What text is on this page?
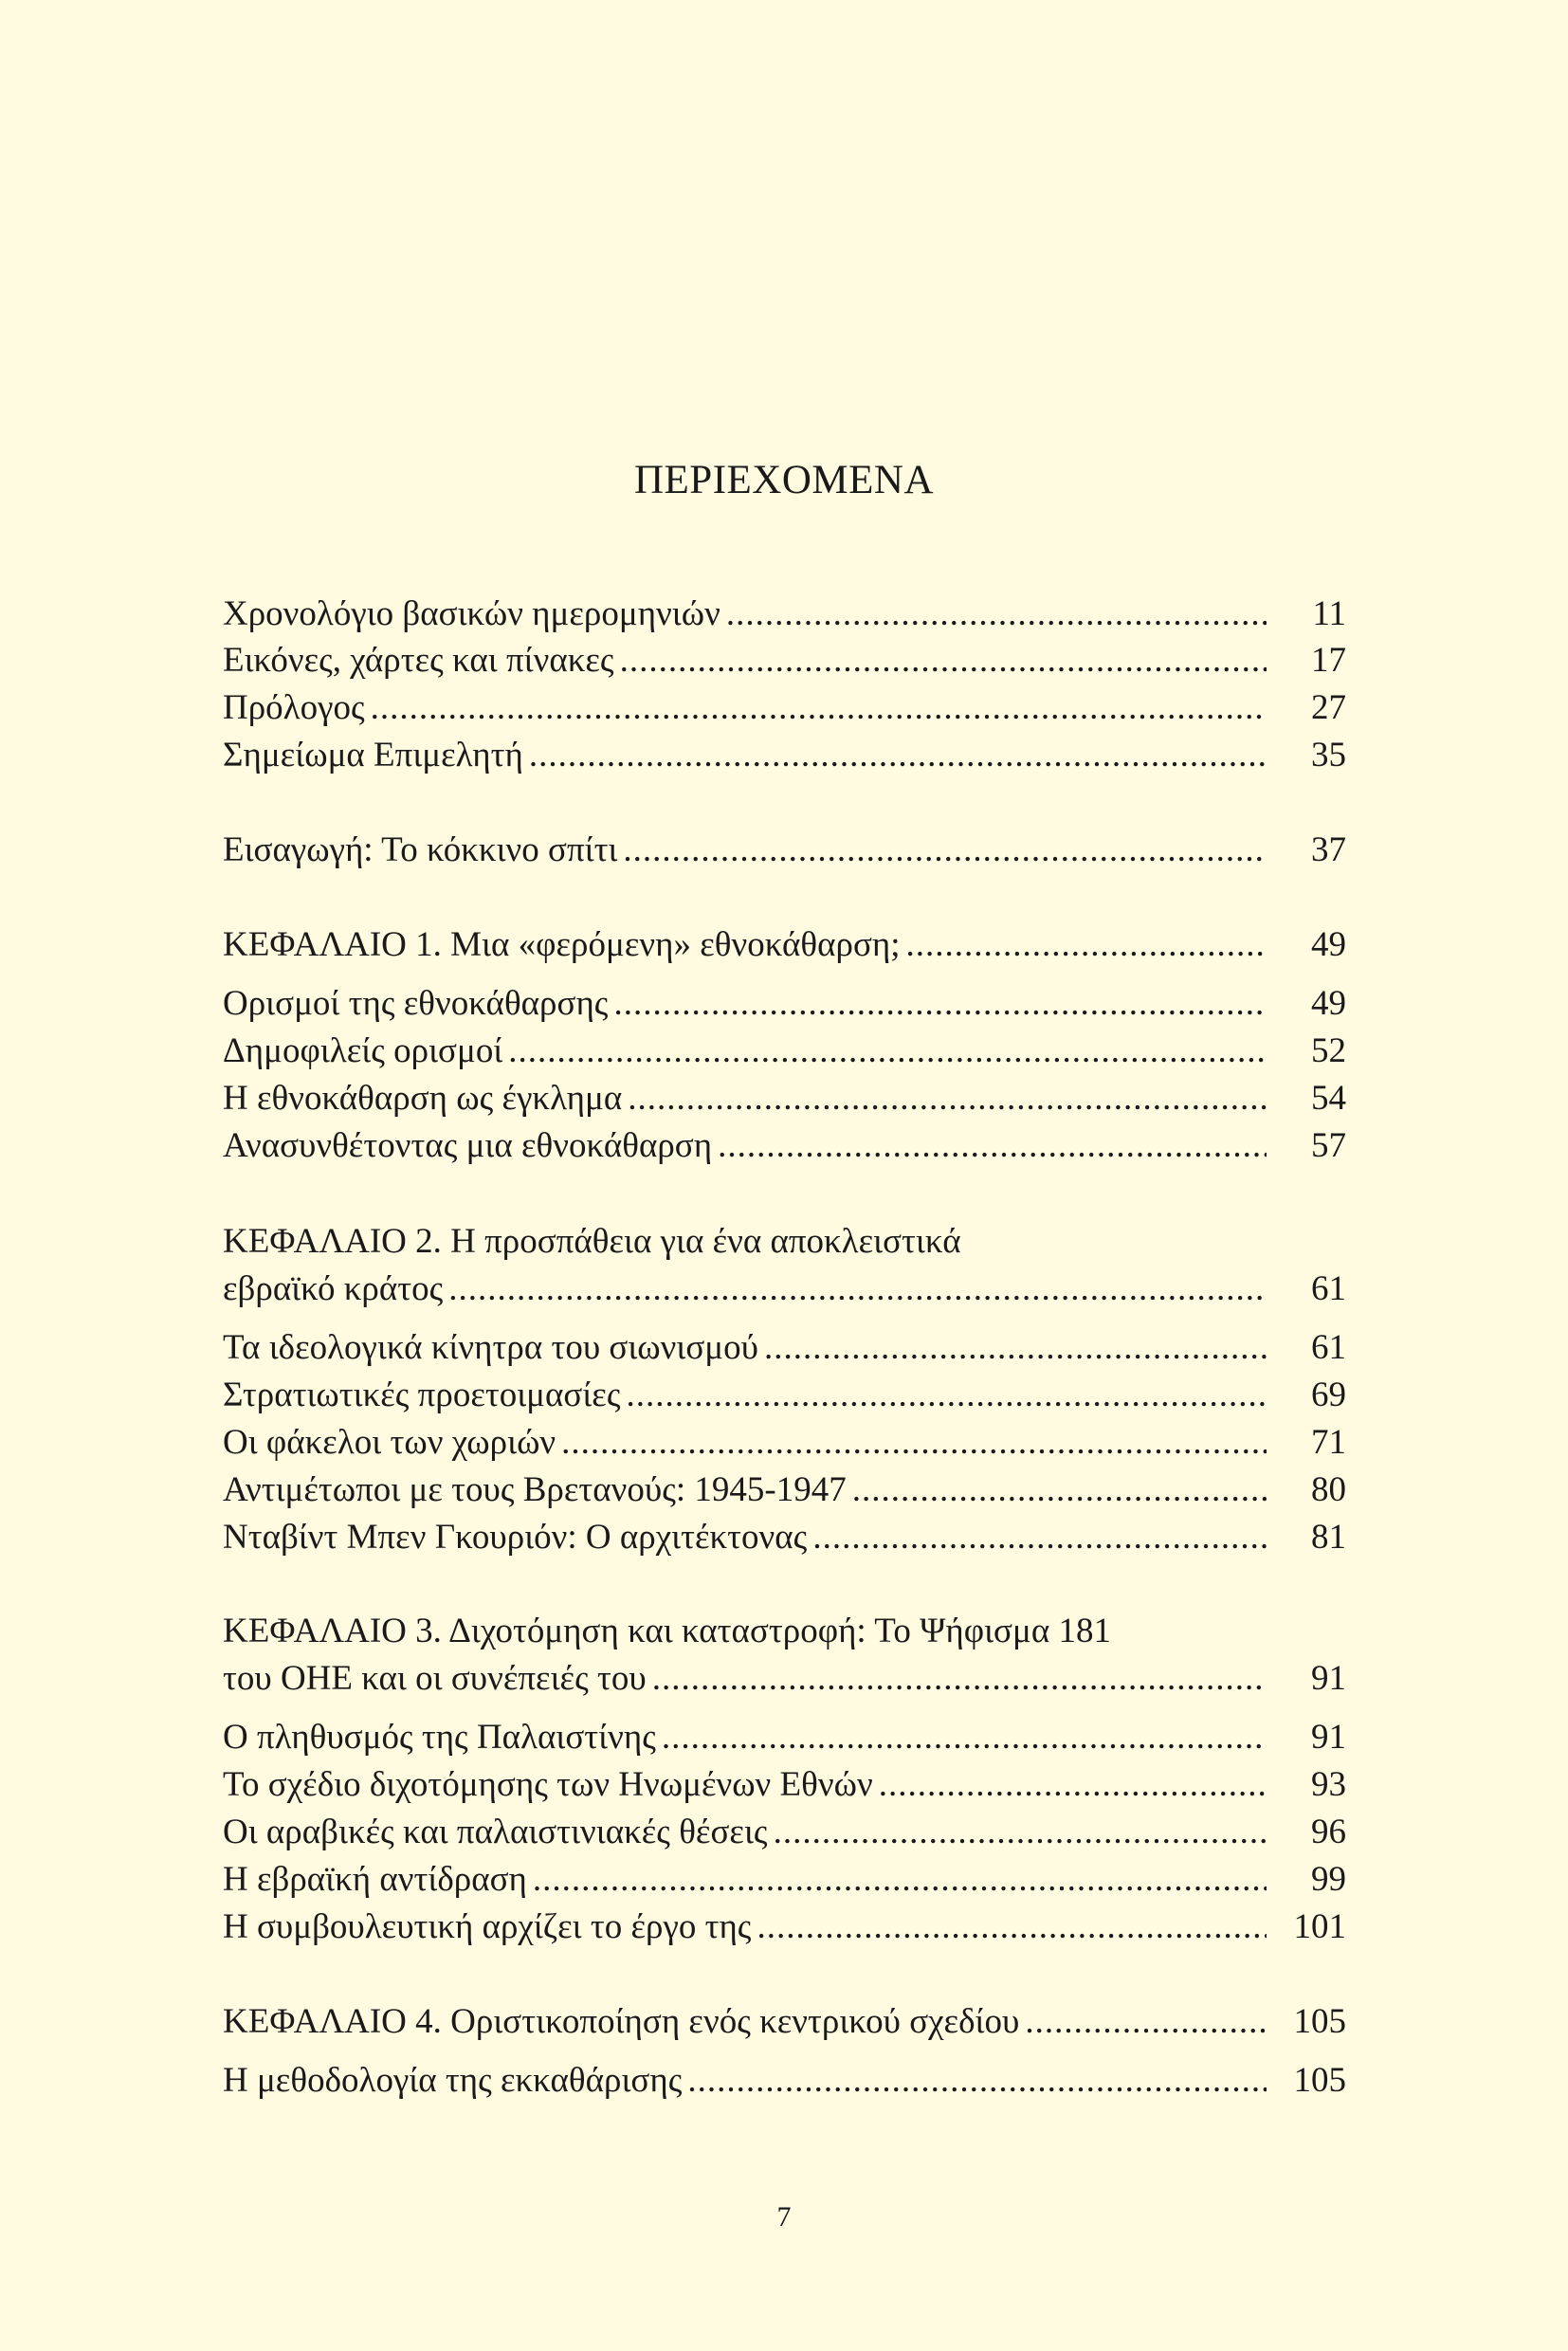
ΠΕΡΙΕΧΟΜΕΝΑ
Χρονολόγιο βασικών ημερομηνιών .....	11
Εικόνες, χάρτες και πίνακες .....	17
Πρόλογος .....	27
Σημείωμα Επιμελητή .....	35
Εισαγωγή: Το κόκκινο σπίτι .....	37
ΚΕΦΑΛΑΙΟ 1. Μια «φερόμενη» εθνοκάθαρση; .....	49
Ορισμοί της εθνοκάθαρσης .....	49
Δημοφιλείς ορισμοί .....	52
Η εθνοκάθαρση ως έγκλημα .....	54
Ανασυνθέτοντας μια εθνοκάθαρση .....	57
ΚΕΦΑΛΑΙΟ 2. Η προσπάθεια για ένα αποκλειστικά
εβραϊκό κράτος .....	61
Τα ιδεολογικά κίνητρα του σιωνισμού .....	61
Στρατιωτικές προετοιμασίες .....	69
Οι φάκελοι των χωριών .....	71
Αντιμέτωποι με τους Βρετανούς: 1945-1947 .....	80
Νταβίντ Μπεν Γκουριόν: Ο αρχιτέκτονας .....	81
ΚΕΦΑΛΑΙΟ 3. Διχοτόμηση και καταστροφή: Το Ψήφισμα 181
του ΟΗΕ και οι συνέπειές του .....	91
Ο πληθυσμός της Παλαιστίνης .....	91
Το σχέδιο διχοτόμησης των Ηνωμένων Εθνών .....	93
Οι αραβικές και παλαιστινιακές θέσεις .....	96
Η εβραϊκή αντίδραση .....	99
Η συμβουλευτική αρχίζει το έργο της .....	101
ΚΕΦΑΛΑΙΟ 4. Οριστικοποίηση ενός κεντρικού σχεδίου .....	105
Η μεθοδολογία της εκκαθάρισης .....	105
7
